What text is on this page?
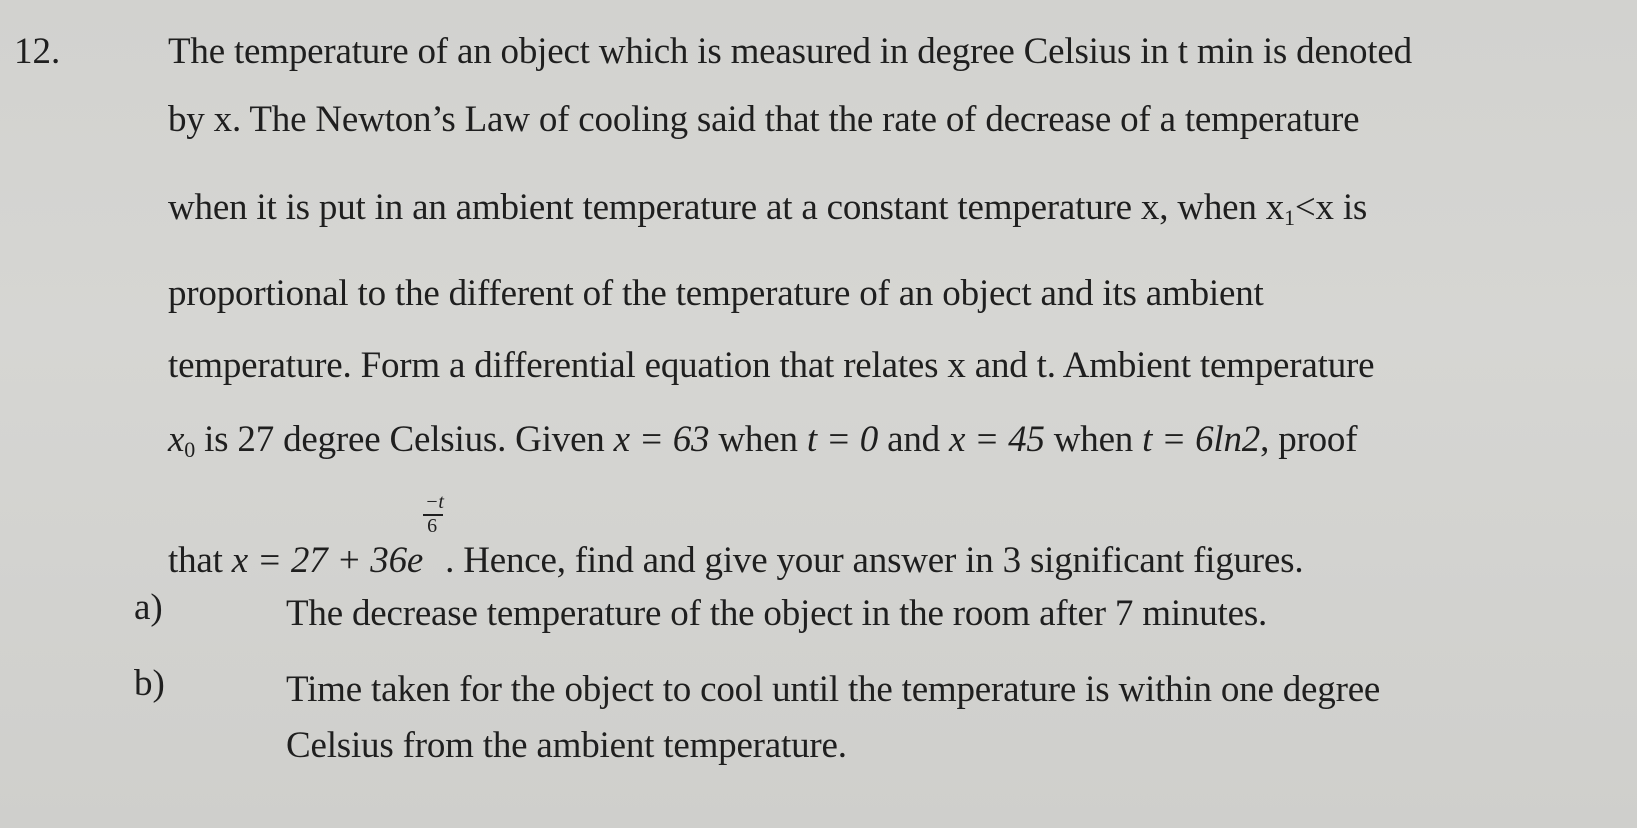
12.	The temperature of an object which is measured in degree Celsius in t min is denoted
by x. The Newton’s Law of cooling said that the rate of decrease of a temperature
when it is put in an ambient temperature at a constant temperature x, when $x_1<x$ is
proportional to the different of the temperature of an object and its ambient
temperature. Form a differential equation that relates x and t. Ambient temperature
$x_0$ is 27 degree Celsius. Given x = 63 when t = 0 and x = 45 when t = 6ln2, proof
that $x = 27 + 36e \frac{-t}{6}$ . Hence, find and give your answer in 3 significant figures.
a)	The decrease temperature of the object in the room after 7 minutes.
b)	Time taken for the object to cool until the temperature is within one degree
Celsius from the ambient temperature.
